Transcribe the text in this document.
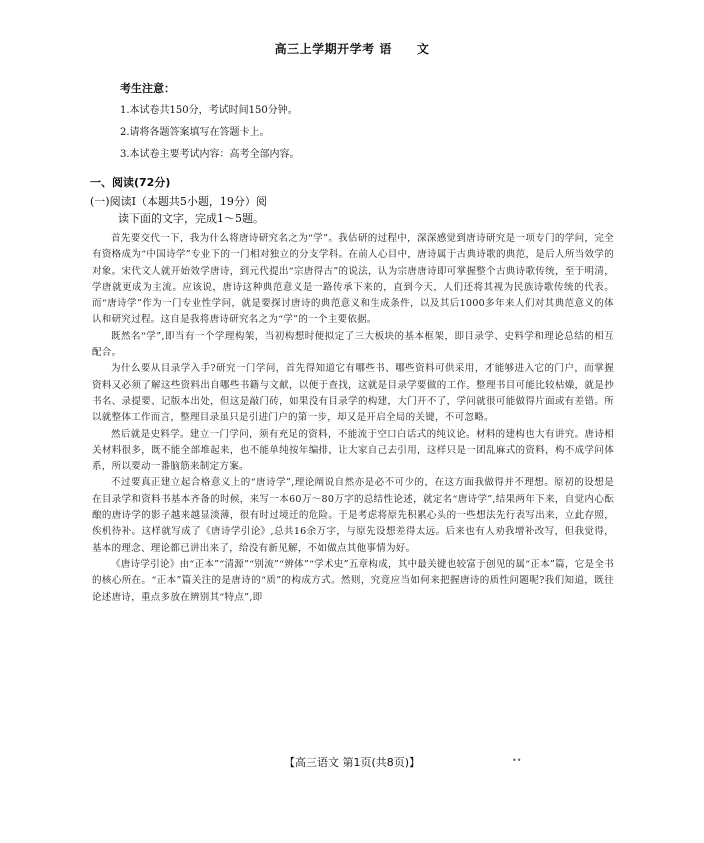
高三上学期开学考 语　　文
考生注意：
1.本试卷共150分，考试时间150分钟。
2.请将各题答案填写在答题卡上。
3.本试卷主要考试内容：高考全部内容。
一、阅读(72分)
(一)阅读I（本题共5小题，19分）阅
读下面的文字，完成1～5题。

首先要交代一下，我为什么将唐诗研究名之为“学”。我估研的过程中，深深感觉到唐诗研究是一项专门的学问，完全有资格成为“中国诗学”专业下的一门相对独立的分支学科。在前人心目中，唐诗属于古典诗歌的典范，是后人所当效学的对象。宋代文人就开始效学唐诗，到元代提出“宗唐得古”的说法，认为宗唐唐诗即可掌握整个古典诗歌传统，至于明清，学唐就更成为主流。应该说，唐诗这种典范意义是一路传承下来的，直到今天，人们还将其视为民族诗歌传统的代表。而“唐诗学”作为一门专业性学问，就是要探讨唐诗的典范意义和生成条件，以及其后1000多年来人们对其典范意义的体认和研究过程。这自是我将唐诗研究名之为“学”的一个主要依据。

既然名“学”,即当有一个学理构架，当初构想时便拟定了三大板块的基本框架，即目录学、史料学和理论总结的相互配合。

为什么要从目录学入手?研究一门学问，首先得知道它有哪些书、哪些资料可供采用，才能够进入它的门户，而掌握资料又必须了解这些资料出自哪些书籍与文献，以便于查找，这就是目录学要做的工作。整理书目可能比较枯燥，就是抄书名、录提要、记版本出处，但这是敲门砖，如果没有目录学的构建，大门开不了，学问就很可能做得片面或有差错。所以就整体工作而言，整理目录虽只是引进门户的第一步，却又是开启全局的关键，不可忽略。

然后就是史料学。建立一门学问，须有充足的资料，不能流于空口白话式的纯议论。材料的建构也大有讲究。唐诗相关材料很多，既不能全部堆起来，也不能单纯按年编排，让大家自己去引用，这样只是一团乱麻式的资料，构不成学问体系，所以要动一番脑筋来制定方案。

不过要真正建立起合格意义上的“唐诗学”,理论阐说自然亦是必不可少的，在这方面我做得并不理想。原初的设想是在目录学和资料书基本齐备的时候，来写一本60万～80万字的总结性论述，就定名“唐诗学”,结果两年下来，自觉内心酝酿的唐诗学的影子越来越显淡薄，很有时过境迁的危险。于是考虑将原先积累心头的一些想法先行表写出来，立此存照，俟机待补。这样就写成了《唐诗学引论》,总共16余万字，与原先设想差得太远。后来也有人劝我增补改写，但我觉得，基本的理念、理论都已讲出来了，给没有新见解，不如做点其他事情为好。

《唐诗学引论》由“正本”“清源”“别流”“辨体”“学术史”五章构成，其中最关键也较富于创见的属“正本”篇，它是全书的核心所在。“正本”篇关注的是唐诗的“质”的构成方式。然则，究竟应当如何来把握唐诗的质性问题呢?我们知道，既往论述唐诗，重点多放在辨别其“特点”,即

【高三语文 第1页(共8页)】	••
